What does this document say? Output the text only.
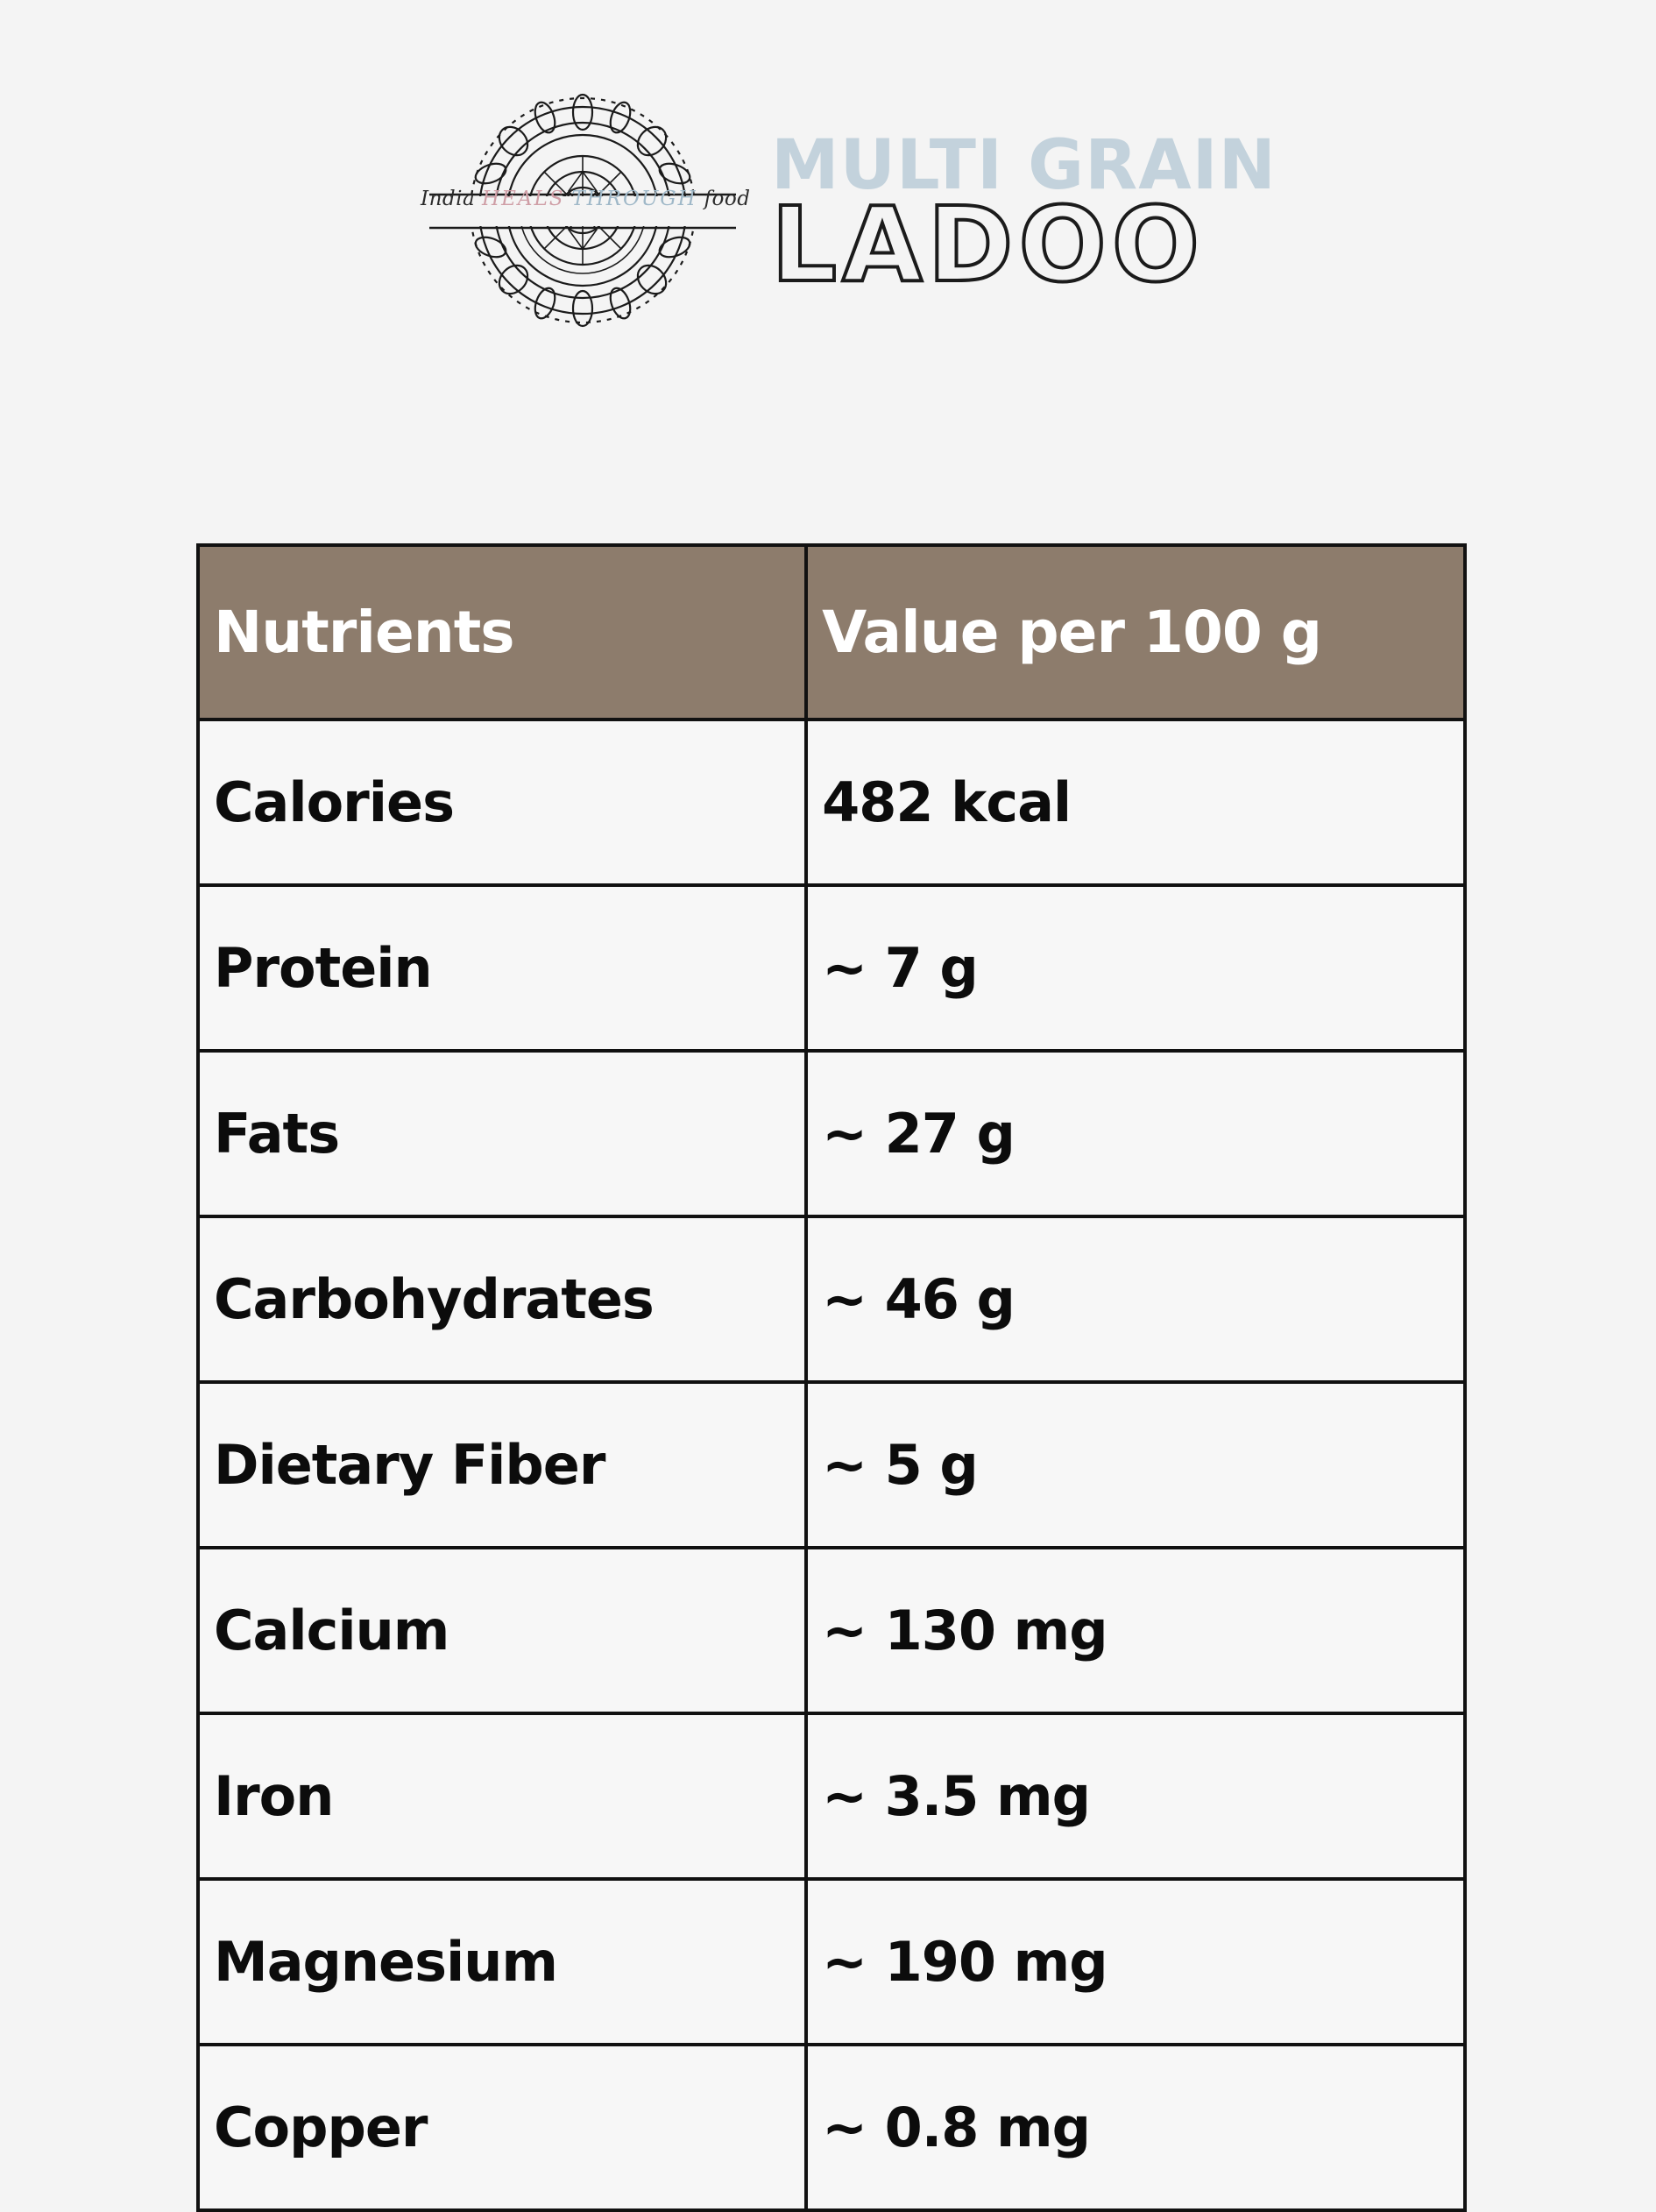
India HEALS THROUGH food MULTI GRAIN
LADOO
Nutrients	Value per 100 g
Calories	482 kcal
Protein	~ 7 g
Fats	~ 27 g
Carbohydrates	~ 46 g
Dietary Fiber	~ 5 g
Calcium	~ 130 mg
Iron	~ 3.5 mg
Magnesium	~ 190 mg
Copper	~ 0.8 mg
